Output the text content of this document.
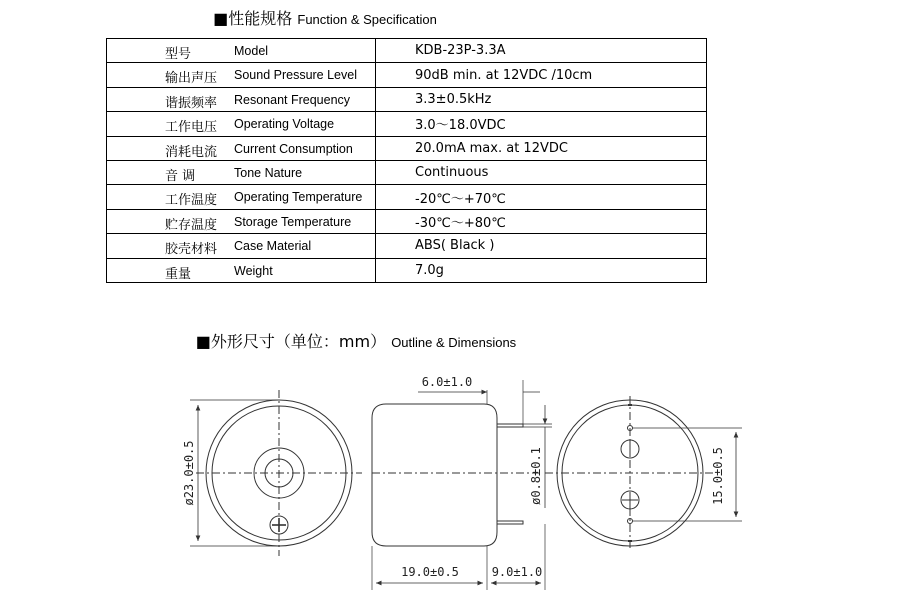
■性能规格 Function & Specification
型号 Model	KDB-23P-3.3A

输出声压 Sound Pressure Level	90dB min. at 12VDC /10cm

谐振频率 Resonant Frequency	3.3±0.5kHz

工作电压 Operating Voltage	3.0～18.0VDC

消耗电流 Current Consumption	20.0mA max. at 12VDC

音 调 Tone Nature	Continuous

工作温度 Operating Temperature	-20℃～+70℃

贮存温度 Storage Temperature	-30℃～+80℃

胶壳材料 Case Material	ABS( Black )

重量 Weight	7.0g
■外形尺寸（单位：mm） Outline & Dimensions
ø23.0±0.5
6.0±1.0
ø0.8±0.1
19.0±0.5	9.0±1.0
15.0±0.5
